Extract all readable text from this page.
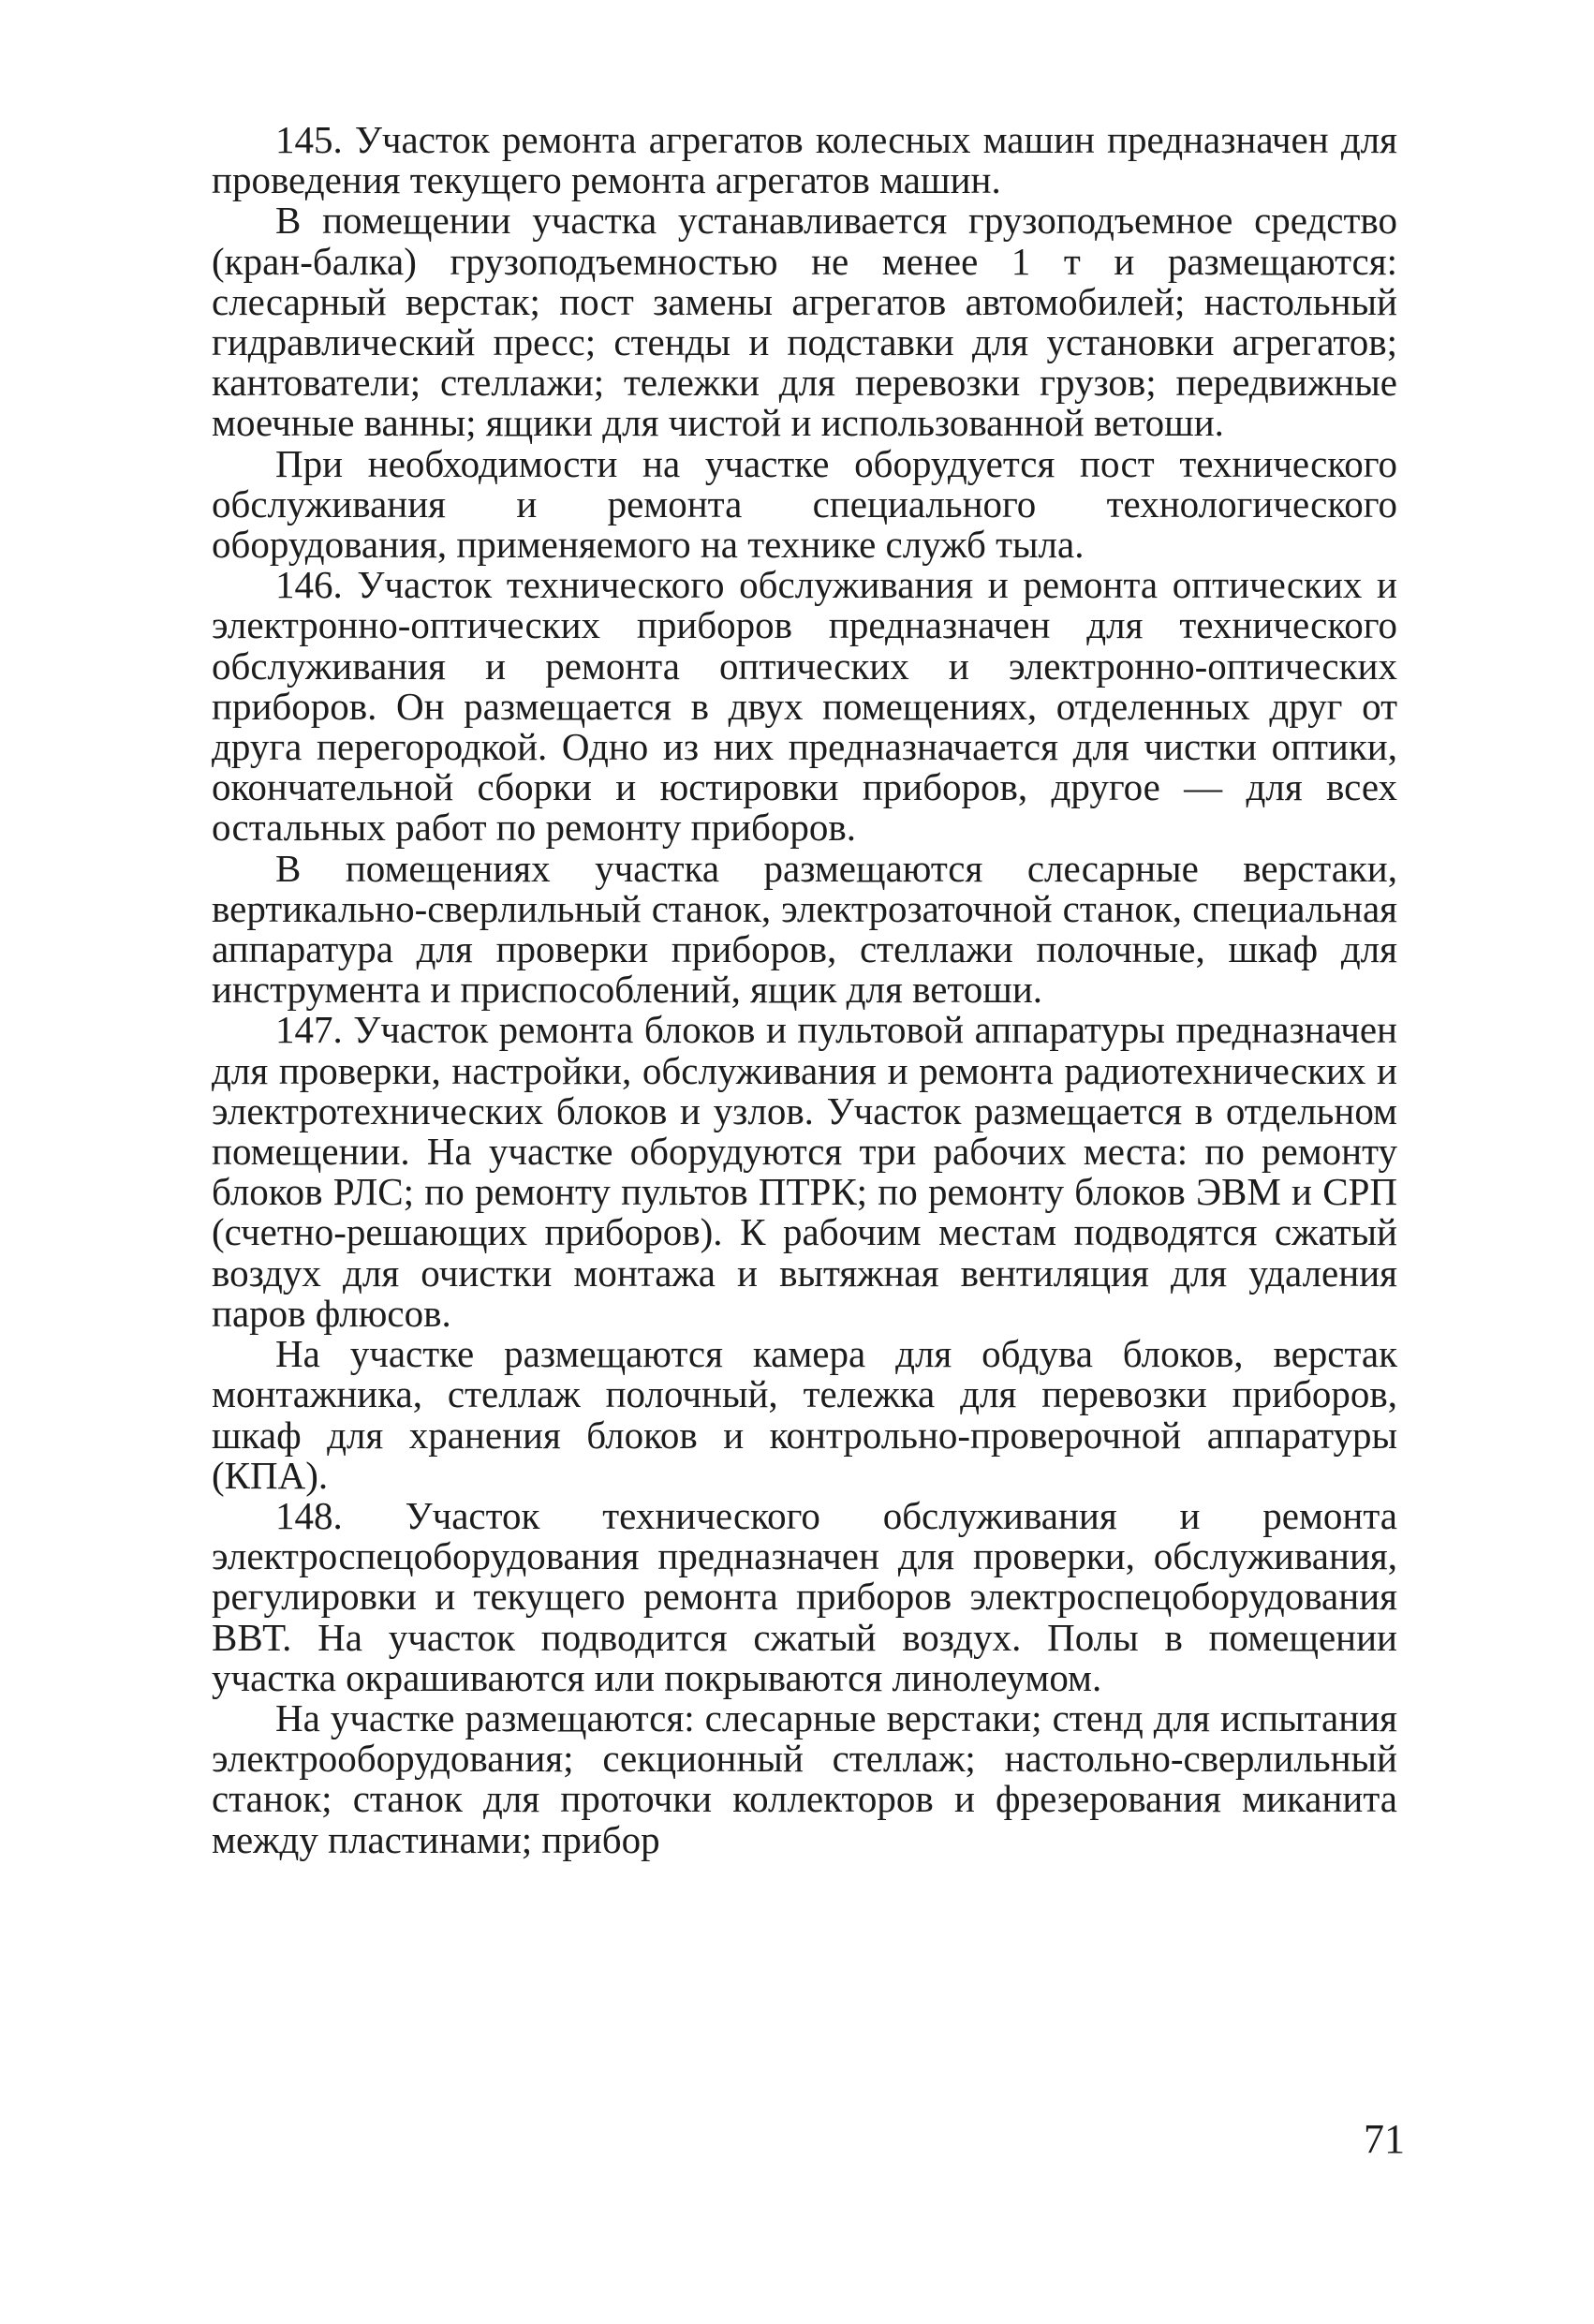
145. Участок ремонта агрегатов колесных машин предназначен для проведения текущего ремонта агрегатов машин.

В помещении участка устанавливается грузоподъемное средство (кран-балка) грузоподъемностью не менее 1 т и размещаются: слесарный верстак; пост замены агрегатов автомобилей; настольный гидравлический пресс; стенды и подставки для установки агрегатов; кантователи; стеллажи; тележки для перевозки грузов; передвижные моечные ванны; ящики для чистой и использованной ветоши.

При необходимости на участке оборудуется пост технического обслуживания и ремонта специального технологического оборудования, применяемого на технике служб тыла.

146. Участок технического обслуживания и ремонта оптических и электронно-оптических приборов предназначен для технического обслуживания и ремонта оптических и электронно-оптических приборов. Он размещается в двух помещениях, отделенных друг от друга перегородкой. Одно из них предназначается для чистки оптики, окончательной сборки и юстировки приборов, другое — для всех остальных работ по ремонту приборов.

В помещениях участка размещаются слесарные верстаки, вертикально-сверлильный станок, электрозаточной станок, специальная аппаратура для проверки приборов, стеллажи полочные, шкаф для инструмента и приспособлений, ящик для ветоши.

147. Участок ремонта блоков и пультовой аппаратуры предназначен для проверки, настройки, обслуживания и ремонта радиотехнических и электротехнических блоков и узлов. Участок размещается в отдельном помещении. На участке оборудуются три рабочих места: по ремонту блоков РЛС; по ремонту пультов ПТРК; по ремонту блоков ЭВМ и СРП (счетно-решающих приборов). К рабочим местам подводятся сжатый воздух для очистки монтажа и вытяжная вентиляция для удаления паров флюсов.

На участке размещаются камера для обдува блоков, верстак монтажника, стеллаж полочный, тележка для перевозки приборов, шкаф для хранения блоков и контрольно-проверочной аппаратуры (КПА).

148. Участок технического обслуживания и ремонта электроспецоборудования предназначен для проверки, обслуживания, регулировки и текущего ремонта приборов электроспецоборудования ВВТ. На участок подводится сжатый воздух. Полы в помещении участка окрашиваются или покрываются линолеумом.

На участке размещаются: слесарные верстаки; стенд для испытания электрооборудования; секционный стеллаж; настольно-сверлильный станок; станок для проточки коллекторов и фрезерования миканита между пластинами; прибор

71
